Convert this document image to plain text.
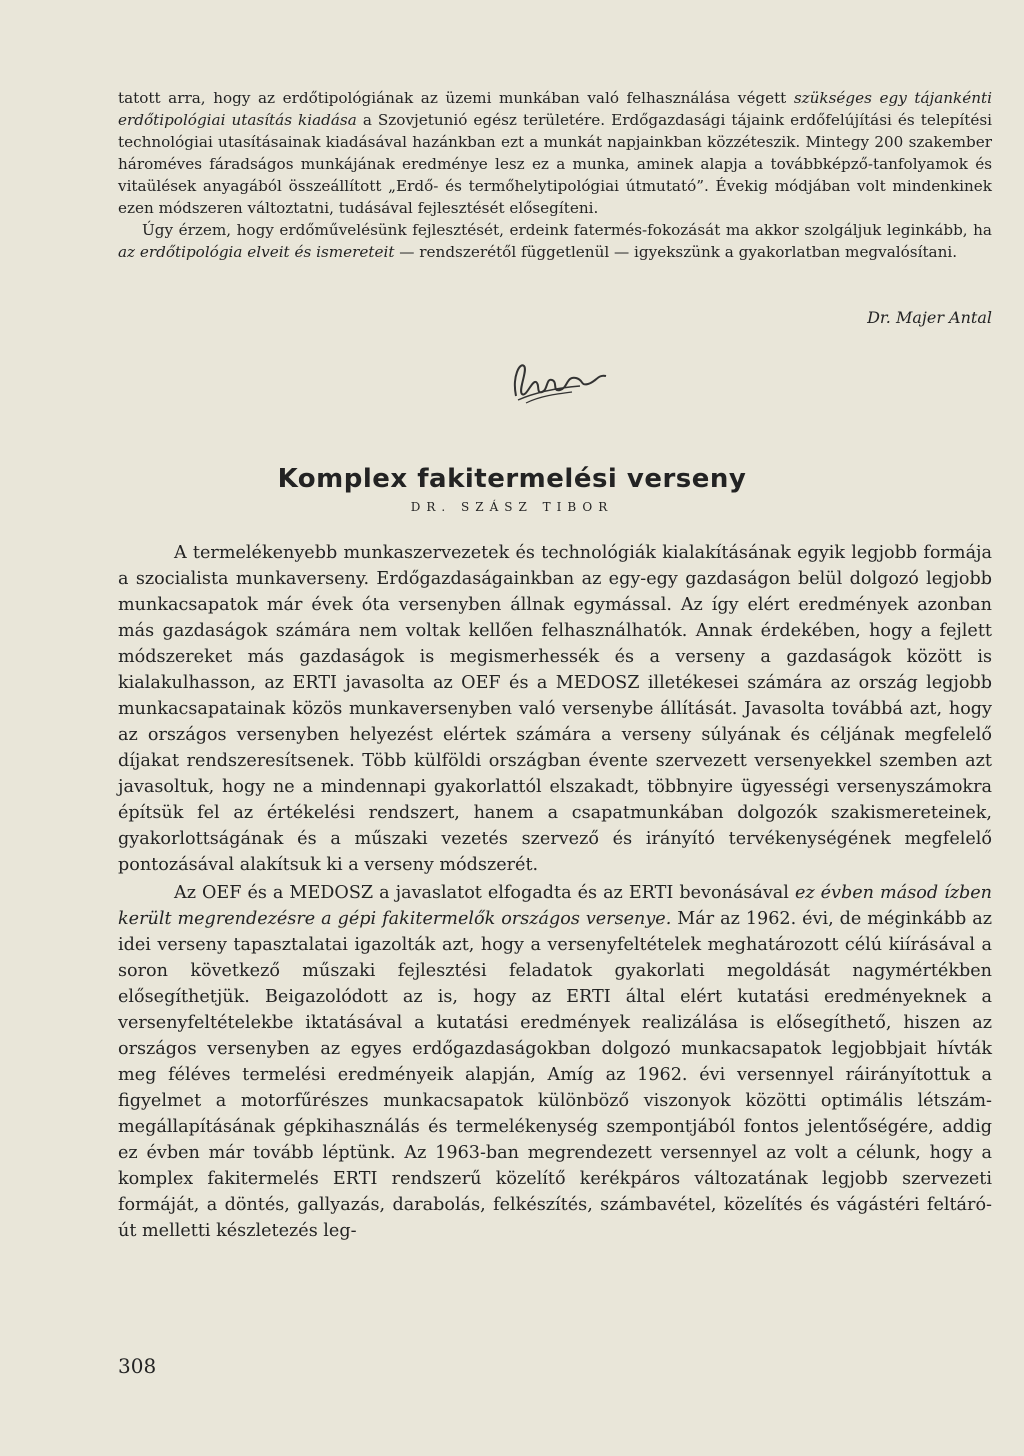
tatott arra, hogy az erdőtipológiának az üzemi munkában való felhasználása végett szükséges egy tájankénti erdőtipológiai utasítás kiadása a Szovjetunió egész területére. Erdőgazdasági tájaink erdőfelújítási és telepítési technológiai utasításainak kiadásával hazánkban ezt a munkát napjainkban közzéteszik. Mintegy 200 szakember hároméves fáradságos munkájának eredménye lesz ez a munka, aminek alapja a továbbképző-tanfolyamok és vitaülések anyagából összeállított „Erdő- és termőhelytipológiai útmutató”. Évekig módjában volt mindenkinek ezen módszeren változtatni, tudásával fejlesztését elősegíteni.

Úgy érzem, hogy erdőművelésünk fejlesztését, erdeink fatermés-fokozását ma akkor szolgáljuk leginkább, ha az erdőtipológia elveit és ismereteit — rendszerétől függetlenül — igyekszünk a gyakorlatban megvalósítani.

Dr. Majer Antal
Komplex fakitermelési verseny
DR. SZÁSZ TIBOR

A termelékenyebb munkaszervezetek és technológiák kialakításának egyik legjobb formája a szocialista munkaverseny. Erdőgazdaságainkban az egy-egy gazdaságon belül dolgozó legjobb munkacsapatok már évek óta versenyben állnak egymással. Az így elért eredmények azonban más gazdaságok számára nem voltak kellően felhasználhatók. Annak érdekében, hogy a fejlett módszereket más gazdaságok is megismerhessék és a verseny a gazdaságok között is kialakulhasson, az ERTI javasolta az OEF és a MEDOSZ illetékesei számára az ország legjobb munkacsapatainak közös munkaversenyben való versenybe állítását. Javasolta továbbá azt, hogy az országos versenyben helyezést elértek számára a verseny súlyának és céljának megfelelő díjakat rendszeresítsenek. Több külföldi országban évente szervezett versenyekkel szemben azt javasoltuk, hogy ne a mindennapi gyakorlattól elszakadt, többnyire ügyességi versenyszámokra építsük fel az értékelési rendszert, hanem a csapatmunkában dolgozók szakismereteinek, gyakorlottságának és a műszaki vezetés szervező és irányító tervékenységének megfelelő pontozásával alakítsuk ki a verseny módszerét.

Az OEF és a MEDOSZ a javaslatot elfogadta és az ERTI bevonásával ez évben másod ízben került megrendezésre a gépi fakitermelők országos versenye. Már az 1962. évi, de méginkább az idei verseny tapasztalatai igazolták azt, hogy a versenyfeltételek meghatározott célú kiírásával a soron következő műszaki fejlesztési feladatok gyakorlati megoldását nagymértékben elősegíthetjük. Beigazolódott az is, hogy az ERTI által elért kutatási eredményeknek a versenyfeltételekbe iktatásával a kutatási eredmények realizálása is elősegíthető, hiszen az országos versenyben az egyes erdőgazdaságokban dolgozó munkacsapatok legjobbjait hívták meg féléves termelési eredményeik alapján, Amíg az 1962. évi versennyel ráirányítottuk a figyelmet a motorfűrészes munkacsapatok különböző viszonyok közötti optimális létszám-megállapításának gépkihasználás és termelékenység szempontjából fontos jelentőségére, addig ez évben már tovább léptünk. Az 1963-ban megrendezett versennyel az volt a célunk, hogy a komplex fakitermelés ERTI rendszerű közelítő kerékpáros változatának legjobb szervezeti formáját, a döntés, gallyazás, darabolás, felkészítés, számbavétel, közelítés és vágástéri feltáró-út melletti készletezés leg-

308
